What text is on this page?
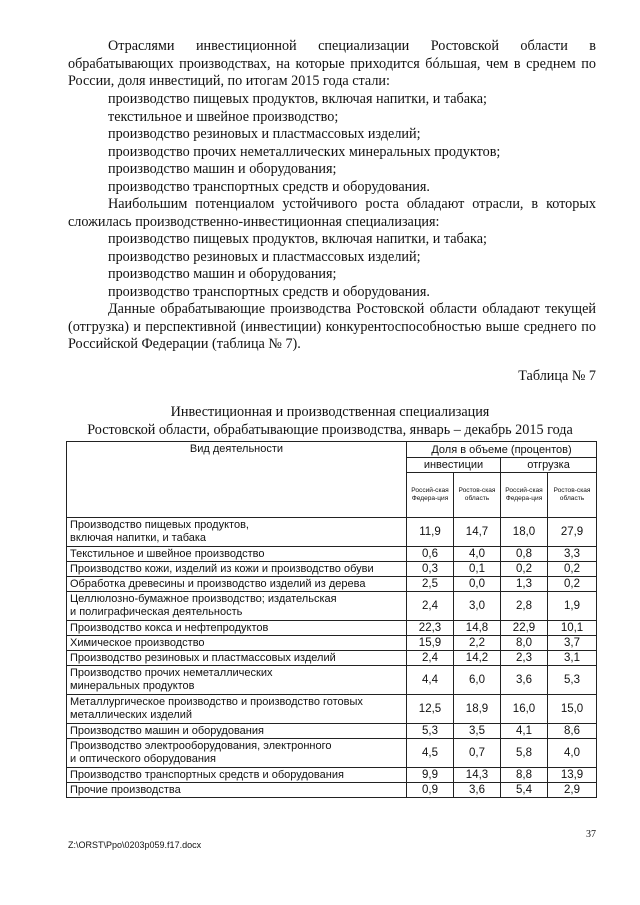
Отраслями инвестиционной специализации Ростовской области в обрабатывающих производствах, на которые приходится бóльшая, чем в среднем по России, доля инвестиций, по итогам 2015 года стали:
производство пищевых продуктов, включая напитки, и табака;
текстильное и швейное производство;
производство резиновых и пластмассовых изделий;
производство прочих неметаллических минеральных продуктов;
производство машин и оборудования;
производство транспортных средств и оборудования.
Наибольшим потенциалом устойчивого роста обладают отрасли, в которых сложилась производственно-инвестиционная специализация:
производство пищевых продуктов, включая напитки, и табака;
производство резиновых и пластмассовых изделий;
производство машин и оборудования;
производство транспортных средств и оборудования.
Данные обрабатывающие производства Ростовской области обладают текущей (отгрузка) и перспективной (инвестиции) конкурентоспособностью выше среднего по Российской Федерации (таблица № 7).
Таблица № 7
Инвестиционная и производственная специализация
Ростовской области, обрабатывающие производства, январь – декабрь 2015 года
Вид деятельности	Доля в объеме (процентов)			
	инвестиции		отгрузка	
	Россий-ская Федера-ция	Ростов-ская область	Россий-ская Федера-ция	Ростов-ская область
Производство пищевых продуктов,
включая напитки, и табака	11,9	14,7	18,0	27,9
Текстильное и швейное производство	0,6	4,0	0,8	3,3
Производство кожи, изделий из кожи и производство обуви	0,3	0,1	0,2	0,2
Обработка древесины и производство изделий из дерева	2,5	0,0	1,3	0,2
Целлюлозно-бумажное производство; издательская
и полиграфическая деятельность	2,4	3,0	2,8	1,9
Производство кокса и нефтепродуктов	22,3	14,8	22,9	10,1
Химическое производство	15,9	2,2	8,0	3,7
Производство резиновых и пластмассовых изделий	2,4	14,2	2,3	3,1
Производство прочих неметаллических
минеральных продуктов	4,4	6,0	3,6	5,3
Металлургическое производство и производство готовых
металлических изделий	12,5	18,9	16,0	15,0
Производство машин и оборудования	5,3	3,5	4,1	8,6
Производство электрооборудования, электронного
и оптического оборудования	4,5	0,7	5,8	4,0
Производство транспортных средств и оборудования	9,9	14,3	8,8	13,9
Прочие производства	0,9	3,6	5,4	2,9
37
Z:\ORST\Ppo\0203p059.f17.docx
